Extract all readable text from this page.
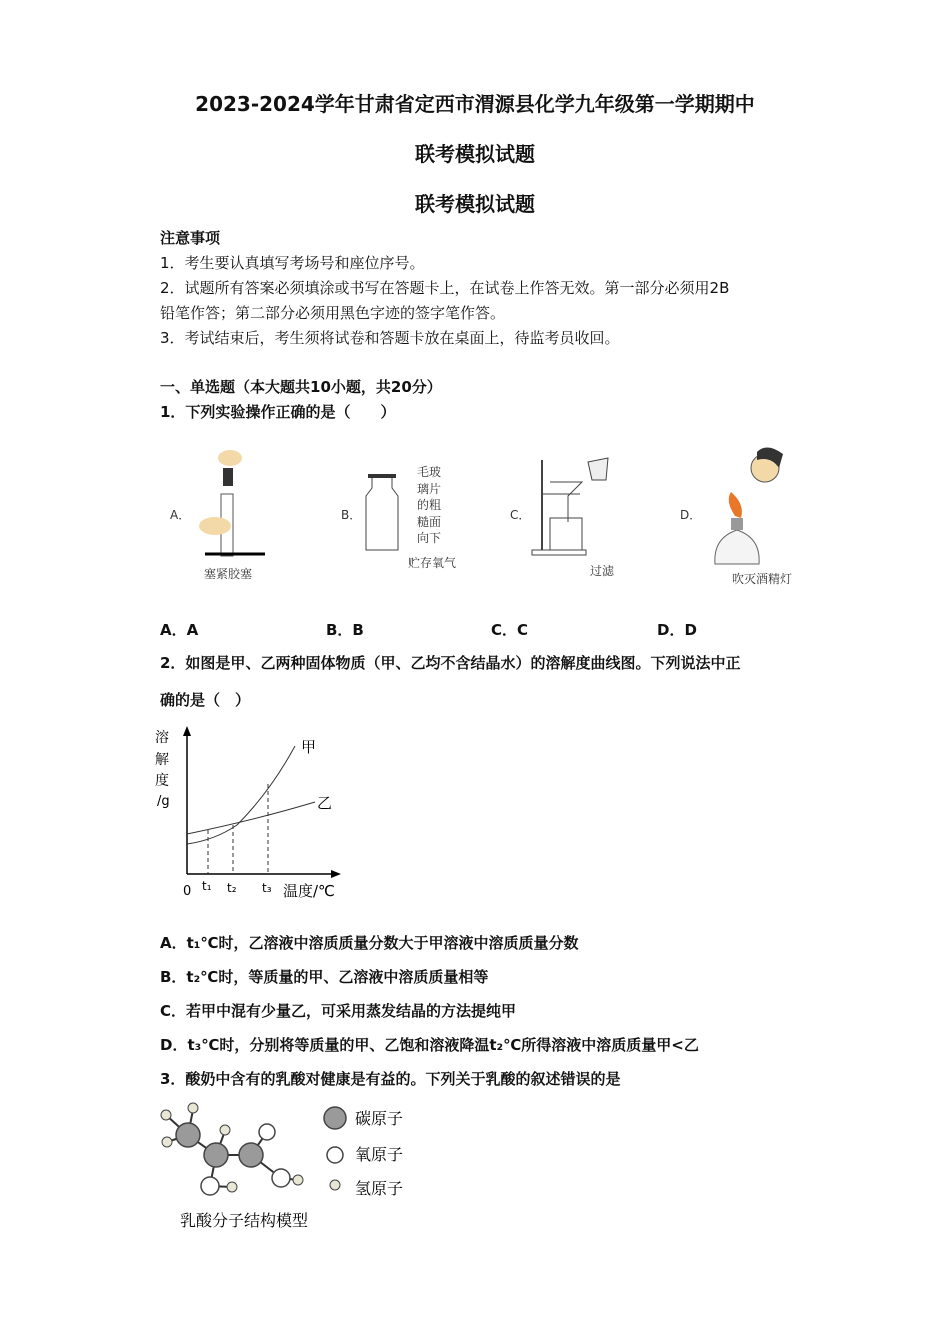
2023-2024学年甘肃省定西市渭源县化学九年级第一学期期中
联考模拟试题
联考模拟试题
注意事项
1．考生要认真填写考场号和座位序号。
2．试题所有答案必须填涂或书写在答题卡上，在试卷上作答无效。第一部分必须用2B
铅笔作答；第二部分必须用黑色字迹的签字笔作答。
3．考试结束后，考生须将试卷和答题卡放在桌面上，待监考员收回。
一、单选题（本大题共10小题，共20分）
1．下列实验操作正确的是（　　）
A．
塞紧胶塞
B．
毛玻璃片的粗糙面向下
贮存氧气
C．
过滤
D．
吹灭酒精灯
A．A	B．B	C．C	D．D
2．如图是甲、乙两种固体物质（甲、乙均不含结晶水）的溶解度曲线图。下列说法中正
确的是（　）
溶
解
度
/g
甲
乙
0 t₁ t₂ t₃ 温度/℃
A．t₁℃时，乙溶液中溶质质量分数大于甲溶液中溶质质量分数
B．t₂℃时，等质量的甲、乙溶液中溶质质量相等
C．若甲中混有少量乙，可采用蒸发结晶的方法提纯甲
D．t₃℃时，分别将等质量的甲、乙饱和溶液降温t₂℃所得溶液中溶质质量甲<乙
3．酸奶中含有的乳酸对健康是有益的。下列关于乳酸的叙述错误的是
碳原子
氧原子
氢原子
乳酸分子结构模型
